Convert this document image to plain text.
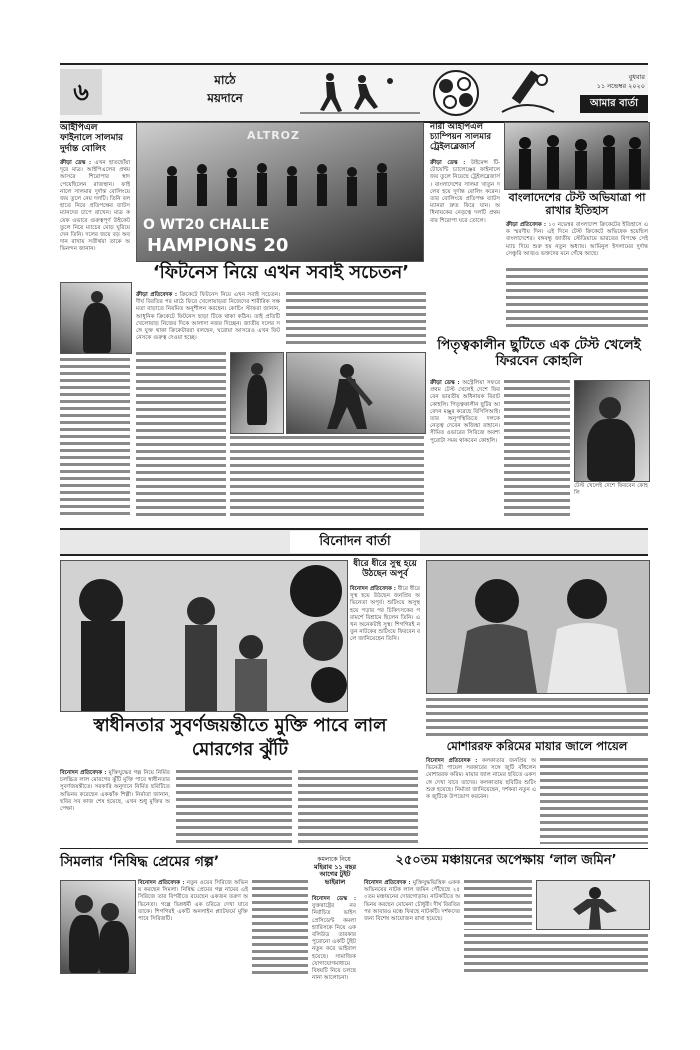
৬	মাঠে
ময়দানে
বুধবার
১১ নভেম্বর ২০২০
আমার বার্তা
আইপিএল ফাইনালে সালমার দুর্দান্ত বোলিং
ক্রীড়া ডেস্ক : এখন হাতছোঁয়া দূরে মাত্র। আইপিএলের প্রথম আসরে শিরোপার স্বাদ পেয়েছিলেন রাজস্থান। ফাইনালে সালমার দুর্দান্ত বোলিংয়ে জয় তুলে নেয় দলটি। তিনি বল হাতে নিয়ে প্রতিপক্ষের ব্যাটসম্যানদের চাপে রাখেন। মাত্র কয়েক ওভারে গুরুত্বপূর্ণ উইকেট তুলে নিয়ে ম্যাচের মোড় ঘুরিয়ে দেন তিনি। দলের জয়ে বড় অবদান রাখায় সতীর্থরা তাকে অভিনন্দন জানান।
ALTROZ
O WT20 CHALLE
HAMPIONS 20
‘ফিটনেস নিয়ে এখন সবাই সচেতন’
ক্রীড়া প্রতিবেদক : ক্রিকেটে ফিটনেস নিয়ে এখন সবাই সচেতন। দীর্ঘ বিরতির পর মাঠে ফিরে খেলোয়াড়রা নিজেদের শারীরিক সক্ষমতা বাড়াতে নিয়মিত অনুশীলন করছেন। কোচিং স্টাফরা জানান, আধুনিক ক্রিকেটে ফিটনেস ছাড়া টিকে থাকা কঠিন। তাই প্রতিটি খেলোয়াড় নিজের দিকে আলাদা নজর দিচ্ছেন। জাতীয় দলের সঙ্গে যুক্ত থাকা ক্রিকেটাররা বলছেন, ঘরোয়া আসরেও এখন ফিটনেসকে গুরুত্ব দেওয়া হচ্ছে।
নারী আইপিএল চ্যাম্পিয়ন সালমার ট্রেইলব্লেজার্স
ক্রীড়া ডেস্ক : উইমেন্স টি-টোয়েন্টি চ্যালেঞ্জের ফাইনালে জয় তুলে নিয়েছে ট্রেইলব্লেজার্স। বাংলাদেশের সালমা খাতুন দলের হয়ে দুর্দান্ত বোলিং করেন। তার বোলিংয়ে প্রতিপক্ষ ব্যাটসম্যানরা দ্রুত ফিরে যান। অধিনায়কের নেতৃত্বে দলটি প্রথমবার শিরোপা ঘরে তোলে।
বাংলাদেশের টেস্ট অভিযাত্রা পা রাখার ইতিহাস
ক্রীড়া প্রতিবেদক : ১০ নভেম্বর বাংলাদেশ ক্রিকেটের ইতিহাসে এক স্মরণীয় দিন। এই দিনে টেস্ট ক্রিকেটে অভিষেক হয়েছিল বাংলাদেশের। বঙ্গবন্ধু জাতীয় স্টেডিয়ামে ভারতের বিপক্ষে সেই ম্যাচ দিয়ে শুরু হয় নতুন অধ্যায়। আমিনুল ইসলামের দুর্দান্ত সেঞ্চুরি আজও ভক্তদের মনে গেঁথে আছে।
পিতৃত্বকালীন ছুটিতে এক টেস্ট খেলেই ফিরবেন কোহলি
ক্রীড়া ডেস্ক : অস্ট্রেলিয়া সফরে প্রথম টেস্ট খেলেই দেশে ফিরবেন ভারতীয় অধিনায়ক বিরাট কোহলি। পিতৃত্বকালীন ছুটির আবেদন মঞ্জুর করেছে বিসিসিআই। তার অনুপস্থিতিতে দলকে নেতৃত্ব দেবেন অজিঙ্কা রাহানে। সীমিত ওভারের সিরিজে অবশ্য পুরোটা সময় থাকবেন কোহলি।
টেস্ট খেলেই দেশে ফিরবেন কোহলি
বিনোদন বার্তা
স্বাধীনতার সুবর্ণজয়ন্তীতে মুক্তি পাবে লাল মোরগের ঝুঁটি
বিনোদন প্রতিবেদক : মুক্তিযুদ্ধের গল্প নিয়ে নির্মিত চলচ্চিত্র লাল মোরগের ঝুঁটি মুক্তি পাবে স্বাধীনতার সুবর্ণজয়ন্তীতে। সরকারি অনুদানে নির্মিত ছবিটিতে অভিনয় করেছেন একঝাঁক শিল্পী। নির্মাতা জানান, ছবির সব কাজ শেষ হয়েছে, এখন শুধু মুক্তির অপেক্ষা।
ধীরে ধীরে সুস্থ হয়ে উঠছেন অপূর্ব
বিনোদন প্রতিবেদক : ধীরে ধীরে সুস্থ হয়ে উঠছেন জনপ্রিয় অভিনেতা অপূর্ব। শুটিংয়ে অসুস্থ হয়ে পড়ার পর চিকিৎসকের পরামর্শে বিশ্রামে ছিলেন তিনি। এখন অনেকটাই সুস্থ। শিগগিরই নতুন নাটকের শুটিংয়ে ফিরবেন বলে জানিয়েছেন তিনি।
মোশাররফ করিমের মায়ার জালে পায়েল
বিনোদন প্রতিবেদক : কলকাতার জনপ্রিয় অভিনেত্রী পায়েল সরকারের সঙ্গে জুটি বাঁধলেন মোশাররফ করিম। মায়ার জাল নামের ছবিতে একসঙ্গে দেখা যাবে তাদের। কলকাতায় ছবিটির শুটিং শুরু হয়েছে। নির্মাতা জানিয়েছেন, দর্শকরা নতুন এক জুটিকে উপভোগ করবেন।
সিমলার ‘নিষিদ্ধ প্রেমের গল্প’
বিনোদন প্রতিবেদক : নতুন ওয়েব সিরিজে অভিনয় করছেন সিমলা। নিষিদ্ধ প্রেমের গল্প নামের এই সিরিজে তার বিপরীতে রয়েছেন একজন তরুণ অভিনেতা। গল্পে ভিন্নধর্মী এক চরিত্রে দেখা যাবে তাকে। শিগগিরই একটি অনলাইন প্ল্যাটফর্মে মুক্তি পাবে সিরিজটি।
কমলাকে নিয়ে
মহিরাব ১১ বছর আগের টুইট ভাইরাল
বিনোদন ডেস্ক : যুক্তরাষ্ট্রের নবনির্বাচিত ভাইস প্রেসিডেন্ট কমলা হ্যারিসকে নিয়ে এক বলিউড তারকার পুরোনো একটি টুইট নতুন করে ভাইরাল হয়েছে। সামাজিক যোগাযোগমাধ্যমে বিষয়টি নিয়ে চলছে নানা আলোচনা।
২৫০তম মঞ্চায়নের অপেক্ষায় ‘লাল জমিন’
বিনোদন প্রতিবেদক : মুক্তিযুদ্ধভিত্তিক একক অভিনয়ের নাটক লাল জমিন পৌঁছেছে ২৫০তম মঞ্চায়নের দোরগোড়ায়। নাটকটিতে অভিনয় করছেন মোমেনা চৌধুরী। দীর্ঘ বিরতির পর আবারও মঞ্চে ফিরছে নাটকটি। দর্শকদের জন্য বিশেষ আয়োজন রাখা হয়েছে।
